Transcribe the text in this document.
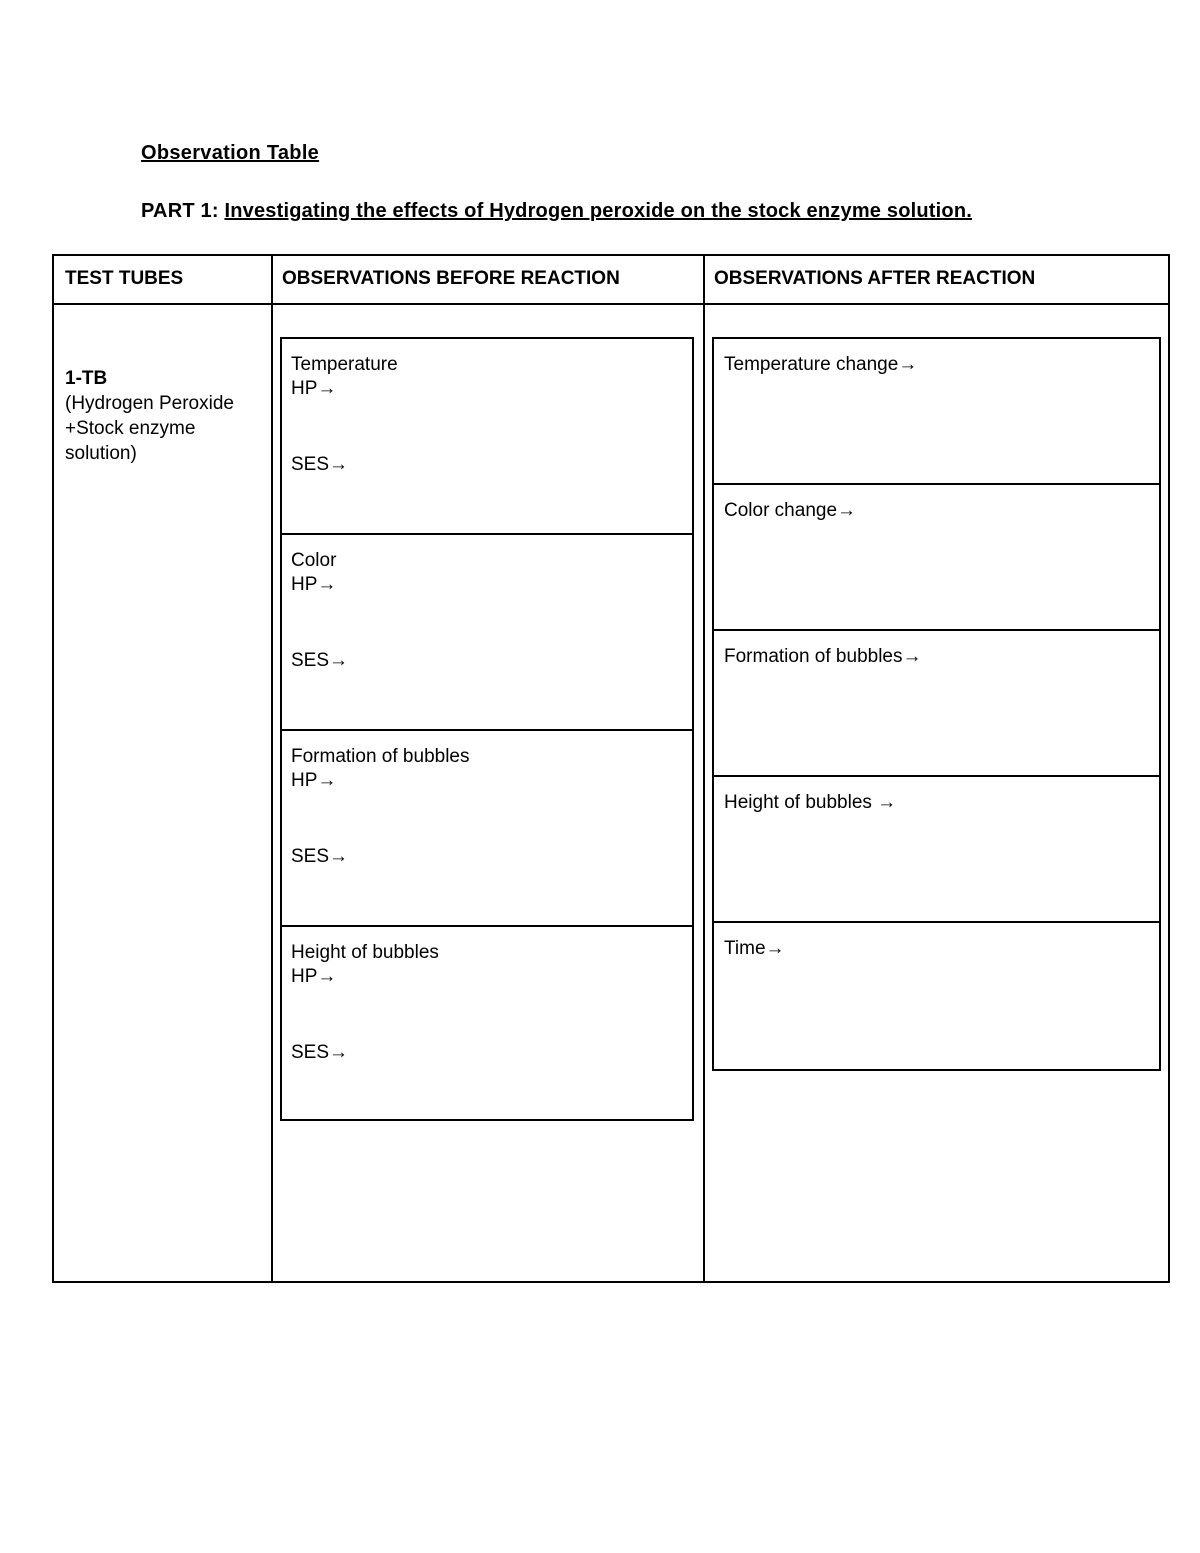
Observation Table
PART 1: Investigating the effects of Hydrogen peroxide on the stock enzyme solution.
TEST TUBES	OBSERVATIONS BEFORE REACTION	OBSERVATIONS AFTER REACTION
1-TB
(Hydrogen Peroxide +Stock enzyme solution)
Temperature
HP→
SES→
Color
HP→
SES→
Formation of bubbles
HP→
SES→
Height of bubbles
HP→
SES→
Temperature change→
Color change→
Formation of bubbles→
Height of bubbles →
Time→
